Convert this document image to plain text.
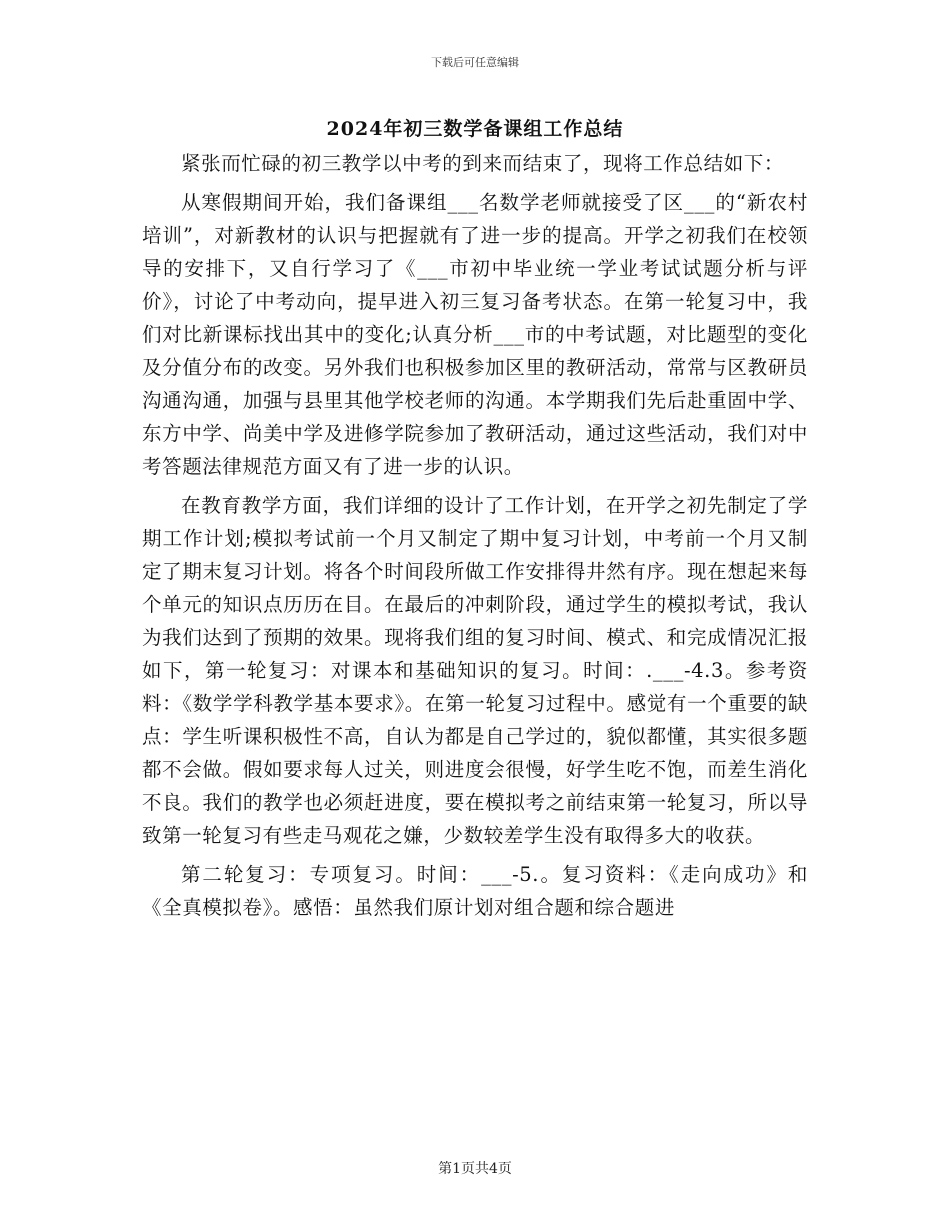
下载后可任意编辑
2024年初三数学备课组工作总结

紧张而忙碌的初三教学以中考的到来而结束了，现将工作总结如下：

从寒假期间开始，我们备课组___名数学老师就接受了区___的“新农村培训”，对新教材的认识与把握就有了进一步的提高。开学之初我们在校领导的安排下，又自行学习了《___市初中毕业统一学业考试试题分析与评价》，讨论了中考动向，提早进入初三复习备考状态。在第一轮复习中，我们对比新课标找出其中的变化;认真分析___市的中考试题，对比题型的变化及分值分布的改变。另外我们也积极参加区里的教研活动，常常与区教研员沟通沟通，加强与县里其他学校老师的沟通。本学期我们先后赴重固中学、东方中学、尚美中学及进修学院参加了教研活动，通过这些活动，我们对中考答题法律规范方面又有了进一步的认识。

在教育教学方面，我们详细的设计了工作计划，在开学之初先制定了学期工作计划;模拟考试前一个月又制定了期中复习计划，中考前一个月又制定了期末复习计划。将各个时间段所做工作安排得井然有序。现在想起来每个单元的知识点历历在目。在最后的冲刺阶段，通过学生的模拟考试，我认为我们达到了预期的效果。现将我们组的复习时间、模式、和完成情况汇报如下，第一轮复习：对课本和基础知识的复习。时间：.___-4.3。参考资料：《数学学科教学基本要求》。在第一轮复习过程中。感觉有一个重要的缺点：学生听课积极性不高，自认为都是自己学过的，貌似都懂，其实很多题都不会做。假如要求每人过关，则进度会很慢，好学生吃不饱，而差生消化不良。我们的教学也必须赶进度，要在模拟考之前结束第一轮复习，所以导致第一轮复习有些走马观花之嫌，少数较差学生没有取得多大的收获。

第二轮复习：专项复习。时间：___-5.。复习资料：《走向成功》和《全真模拟卷》。感悟：虽然我们原计划对组合题和综合题进

第1页共4页
